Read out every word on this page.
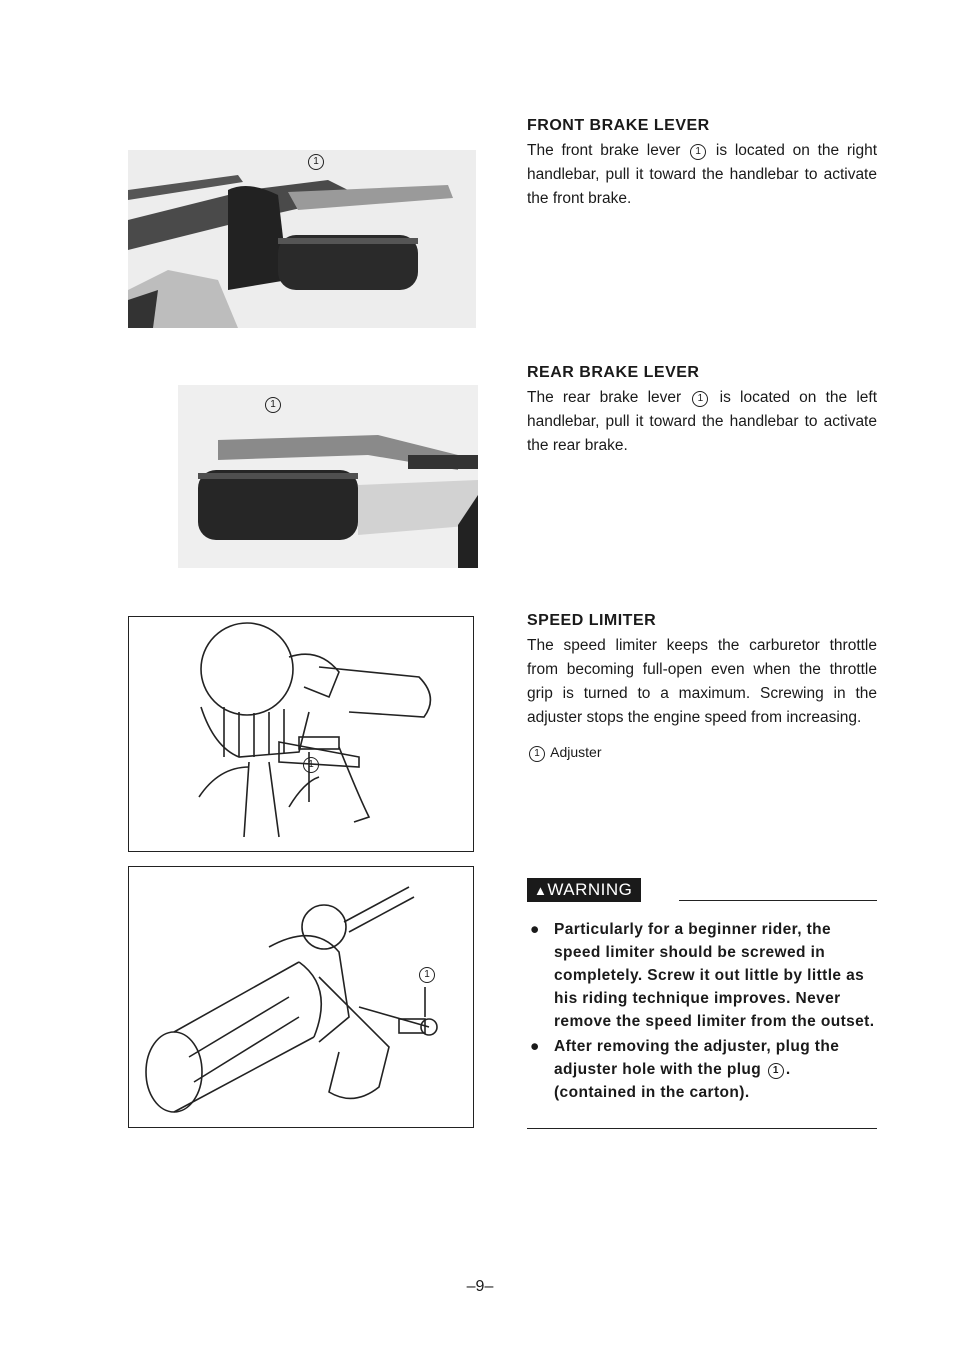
1
1
1
1
FRONT BRAKE LEVER

The front brake lever 1 is located on the right handlebar, pull it toward the handlebar to activate the front brake.

REAR BRAKE LEVER

The rear brake lever 1 is located on the left handlebar, pull it toward the handlebar to activate the rear brake.

SPEED LIMITER

The speed limiter keeps the carburetor throttle from becoming full-open even when the throttle grip is turned to a maximum. Screwing in the adjuster stops the engine speed from increasing.

1 Adjuster
▲WARNING
● Particularly for a beginner rider, the speed limiter should be screwed in completely. Screw it out little by little as his riding technique improves. Never remove the speed limiter from the outset.
● After removing the adjuster, plug the adjuster hole with the plug 1 . (contained in the carton).
–9–
